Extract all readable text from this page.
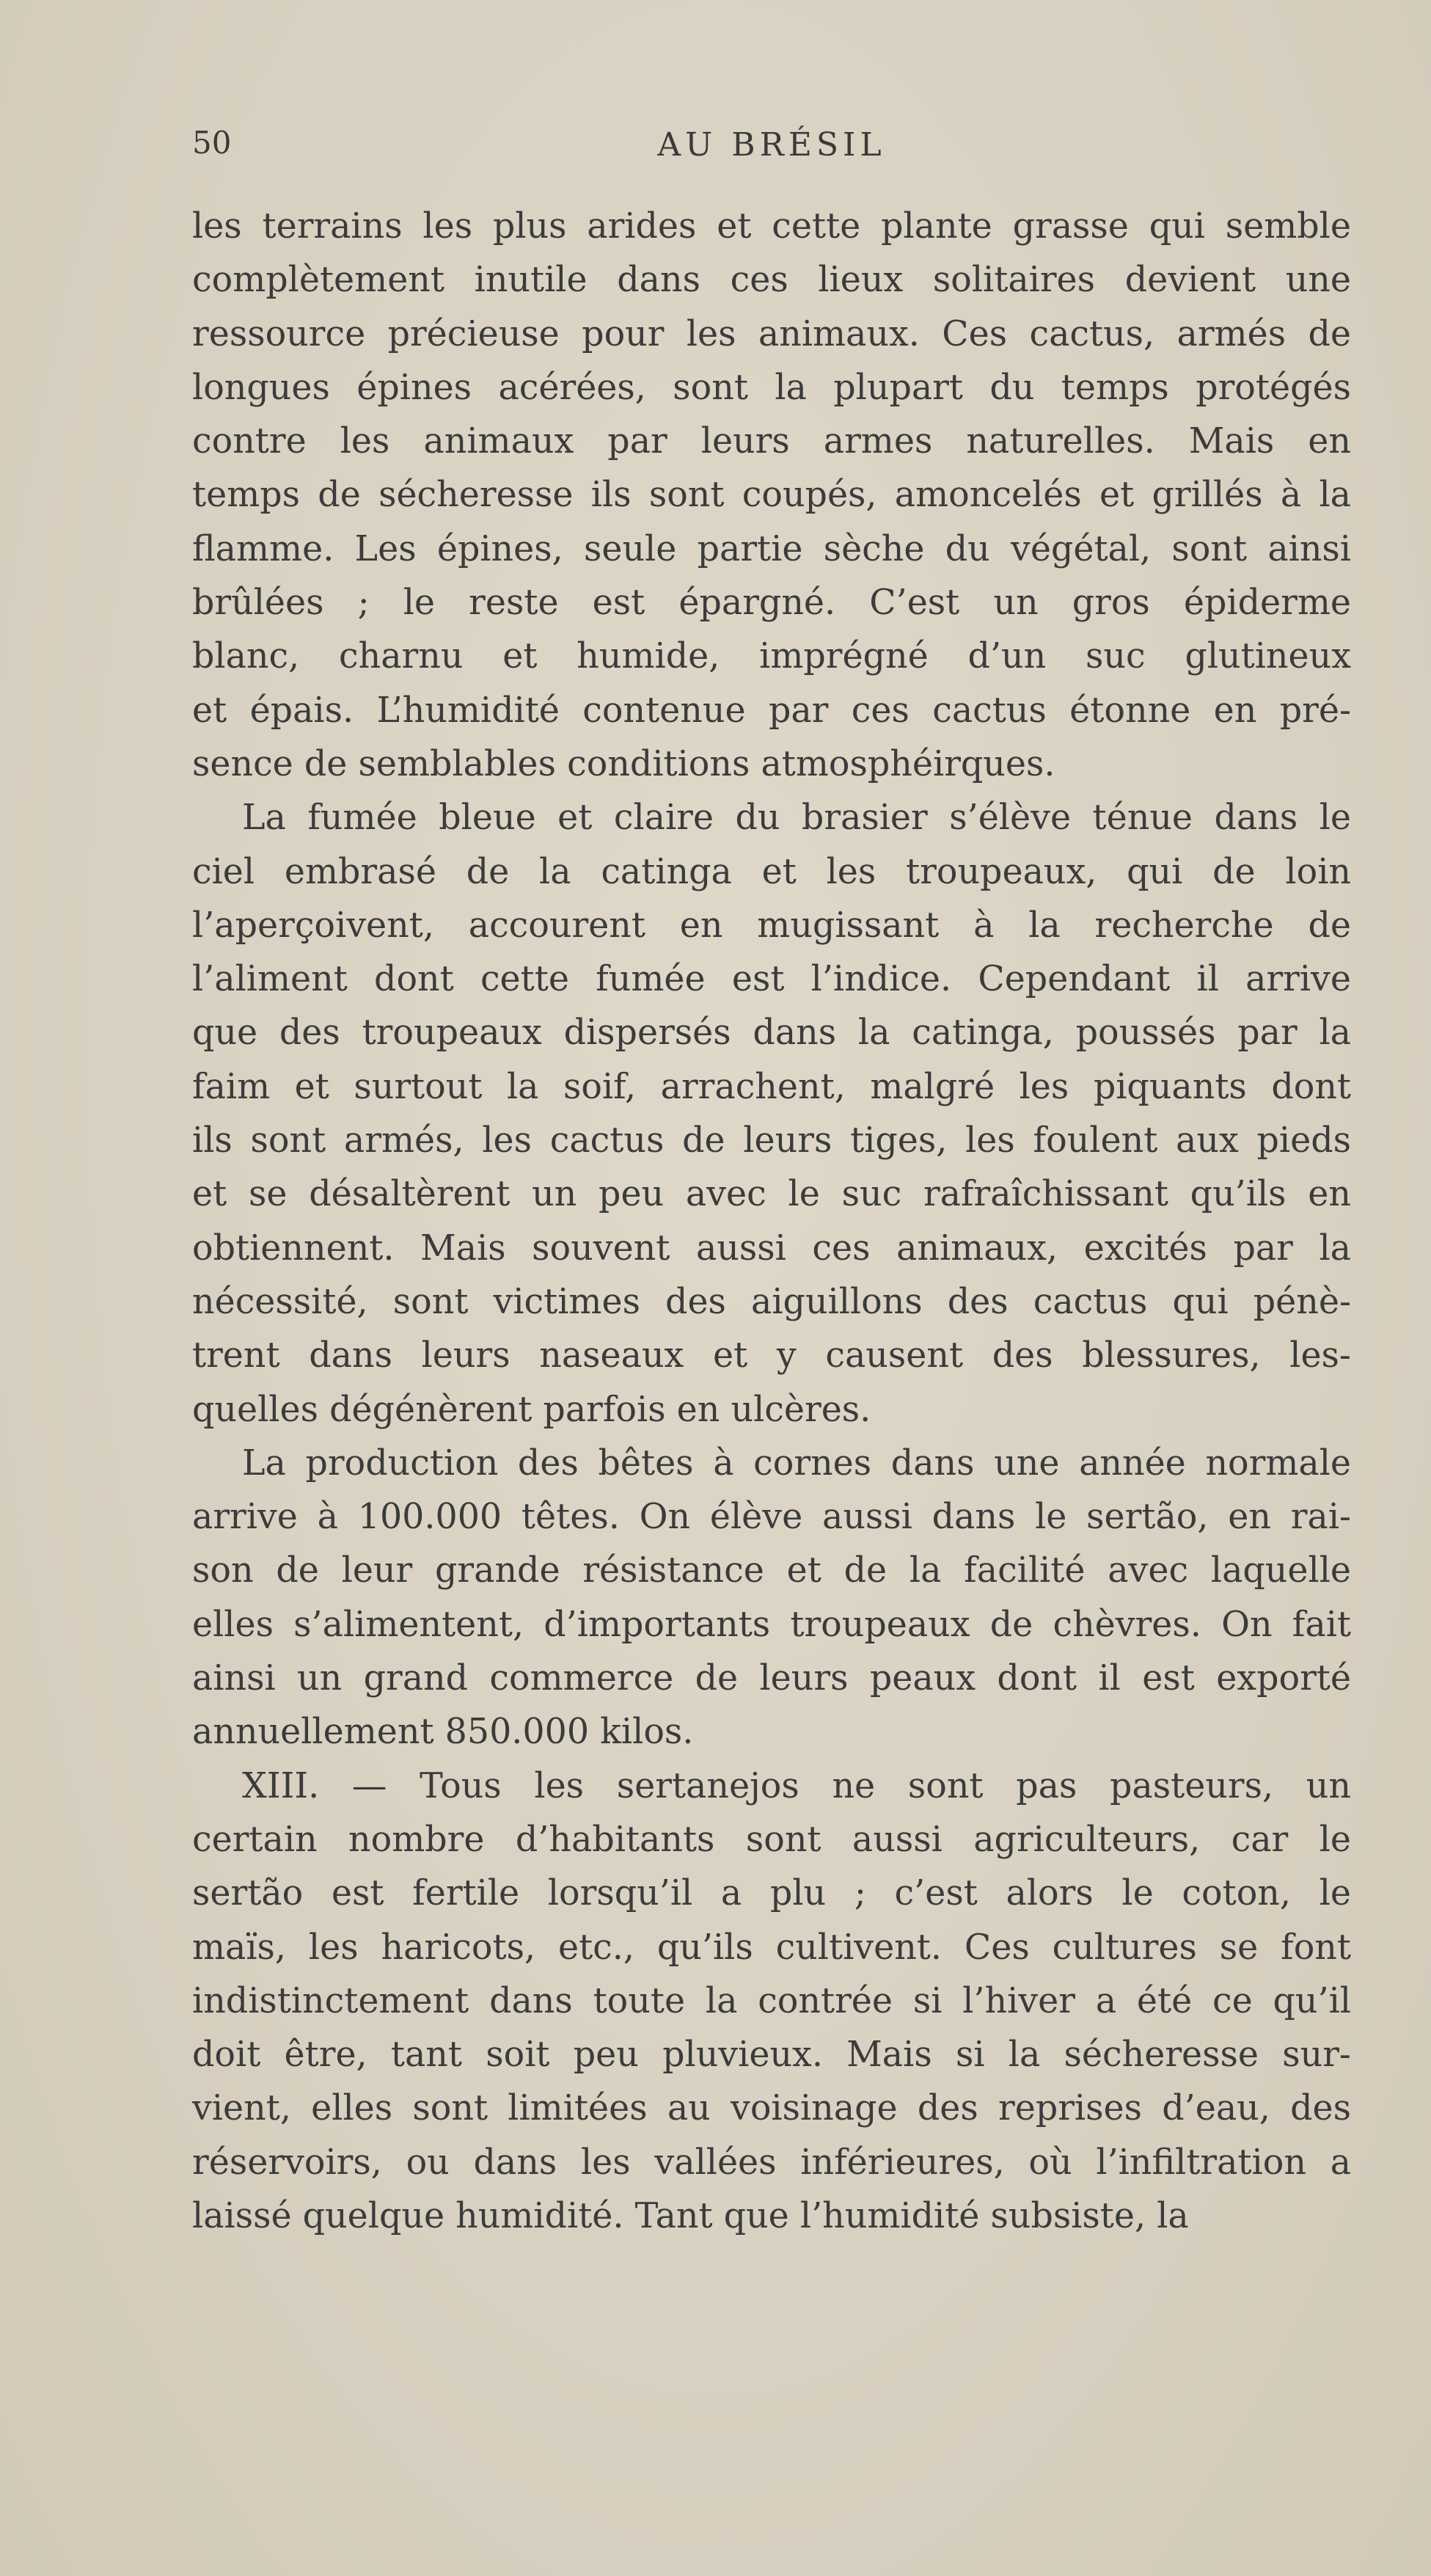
50	AU BRÉSIL
les terrains les plus arides et cette plante grasse qui semble
complètement inutile dans ces lieux solitaires devient une
ressource précieuse pour les animaux. Ces cactus, armés de
longues épines acérées, sont la plupart du temps protégés
contre les animaux par leurs armes naturelles. Mais en
temps de sécheresse ils sont coupés, amoncelés et grillés à la
flamme. Les épines, seule partie sèche du végétal, sont ainsi
brûlées ; le reste est épargné. C’est un gros épiderme
blanc, charnu et humide, imprégné d’un suc glutineux
et épais. L’humidité contenue par ces cactus étonne en pré-
sence de semblables conditions atmosphéirques.
La fumée bleue et claire du brasier s’élève ténue dans le
ciel embrasé de la catinga et les troupeaux, qui de loin
l’aperçoivent, accourent en mugissant à la recherche de
l’aliment dont cette fumée est l’indice. Cependant il arrive
que des troupeaux dispersés dans la catinga, poussés par la
faim et surtout la soif, arrachent, malgré les piquants dont
ils sont armés, les cactus de leurs tiges, les foulent aux pieds
et se désaltèrent un peu avec le suc rafraîchissant qu’ils en
obtiennent. Mais souvent aussi ces animaux, excités par la
nécessité, sont victimes des aiguillons des cactus qui pénè-
trent dans leurs naseaux et y causent des blessures, les-
quelles dégénèrent parfois en ulcères.
La production des bêtes à cornes dans une année normale
arrive à 100.000 têtes. On élève aussi dans le sertão, en rai-
son de leur grande résistance et de la facilité avec laquelle
elles s’alimentent, d’importants troupeaux de chèvres. On fait
ainsi un grand commerce de leurs peaux dont il est exporté
annuellement 850.000 kilos.
XIII. — Tous les sertanejos ne sont pas pasteurs, un
certain nombre d’habitants sont aussi agriculteurs, car le
sertão est fertile lorsqu’il a plu ; c’est alors le coton, le
maïs, les haricots, etc., qu’ils cultivent. Ces cultures se font
indistinctement dans toute la contrée si l’hiver a été ce qu’il
doit être, tant soit peu pluvieux. Mais si la sécheresse sur-
vient, elles sont limitées au voisinage des reprises d’eau, des
réservoirs, ou dans les vallées inférieures, où l’infiltration a
laissé quelque humidité. Tant que l’humidité subsiste, la
